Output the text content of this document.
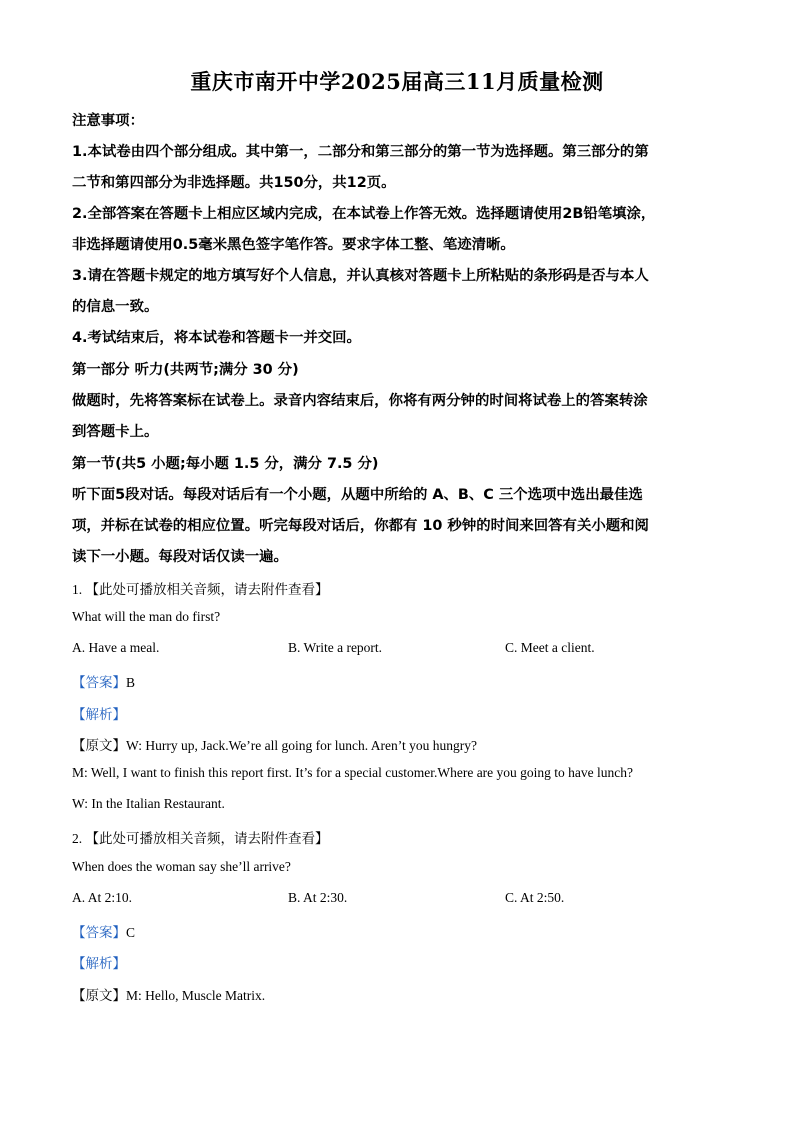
重庆市南开中学2025届高三11月质量检测
注意事项：
1.本试卷由四个部分组成。其中第一，二部分和第三部分的第一节为选择题。第三部分的第
二节和第四部分为非选择题。共150分，共12页。
2.全部答案在答题卡上相应区域内完成，在本试卷上作答无效。选择题请使用2B铅笔填涂，
非选择题请使用0.5毫米黑色签字笔作答。要求字体工整、笔迹清晰。
3.请在答题卡规定的地方填写好个人信息，并认真核对答题卡上所粘贴的条形码是否与本人
的信息一致。
4.考试结束后，将本试卷和答题卡一并交回。
第一部分 听力(共两节;满分 30 分)
做题时，先将答案标在试卷上。录音内容结束后，你将有两分钟的时间将试卷上的答案转涂
到答题卡上。
第一节(共5 小题;每小题 1.5 分，满分 7.5 分)
听下面5段对话。每段对话后有一个小题，从题中所给的 A、B、C 三个选项中选出最佳选
项，并标在试卷的相应位置。听完每段对话后，你都有 10 秒钟的时间来回答有关小题和阅
读下一小题。每段对话仅读一遍。
1. 【此处可播放相关音频，请去附件查看】
What will the man do first?
A. Have a meal.	B. Write a report.	C. Meet a client.
【答案】B
【解析】
【原文】W: Hurry up, Jack.We’re all going for lunch. Aren’t you hungry?
M: Well, I want to finish this report first. It’s for a special customer.Where are you going to have lunch?
W: In the Italian Restaurant.
2. 【此处可播放相关音频，请去附件查看】
When does the woman say she’ll arrive?
A. At 2:10.	B. At 2:30.	C. At 2:50.
【答案】C
【解析】
【原文】M: Hello, Muscle Matrix.
